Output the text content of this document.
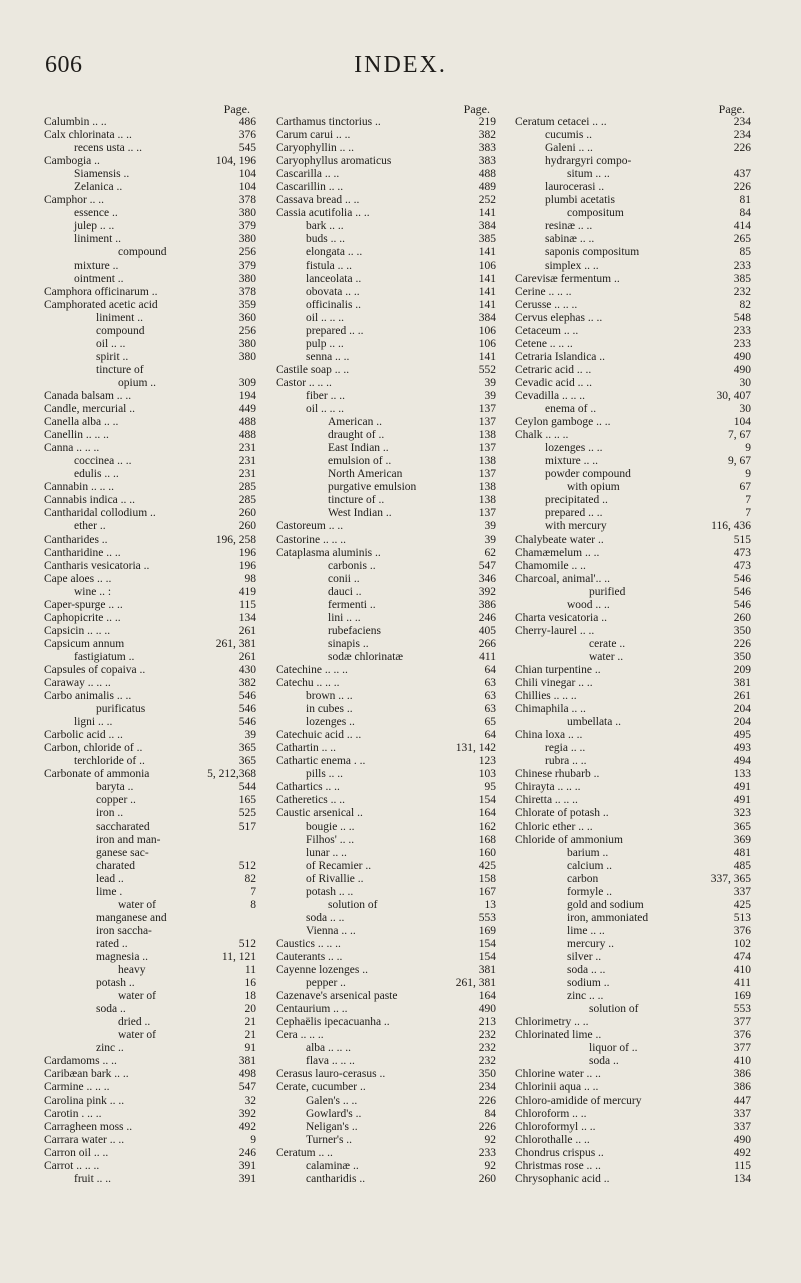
INDEX.
606
Page.
Calumbin .. ..	486
Calx chlorinata .. ..	376
recens usta .. ..	545
Cambogia ..	104, 196
Siamensis ..	104
Zelanica ..	104
Camphor .. ..	378
essence ..	380
julep .. ..	379
liniment ..	380
compound	256
mixture ..	379
ointment ..	380
Camphora officinarum ..	378
Camphorated acetic acid	359
liniment ..	360
compound	256
oil .. ..	380
spirit ..	380
tincture of
opium ..	309
Canada balsam .. ..	194
Candle, mercurial ..	449
Canella alba .. ..	488
Canellin .. .. ..	488
Canna .. .. ..	231
coccinea .. ..	231
edulis .. ..	231
Cannabin .. .. ..	285
Cannabis indica .. ..	285
Cantharidal collodium ..	260
ether ..	260
Cantharides ..	196, 258
Cantharidine .. ..	196
Cantharis vesicatoria ..	196
Cape aloes .. ..	98
wine .. :	419
Caper-spurge .. ..	115
Caphopicrite .. ..	134
Capsicin .. .. ..	261
Capsicum annum	261, 381
fastigiatum ..	261
Capsules of copaiva ..	430
Caraway .. .. ..	382
Carbo animalis .. ..	546
purificatus	546
ligni .. ..	546
Carbolic acid .. ..	39
Carbon, chloride of ..	365
terchloride of ..	365
Carbonate of ammonia	5, 212,368
baryta ..	544
copper ..	165
iron ..	525
saccharated	517
iron and man-
ganese sac-
charated	512
lead ..	82
lime .	7
water of	8
manganese and
iron saccha-
rated ..	512
magnesia ..	11, 121
heavy	11
potash ..	16
water of	18
soda ..	20
dried ..	21
water of	21
zinc ..	91
Cardamoms .. ..	381
Caribæan bark .. ..	498
Carmine .. .. ..	547
Carolina pink .. ..	32
Carotin . .. ..	392
Carragheen moss ..	492
Carrara water .. ..	9
Carron oil .. ..	246
Carrot .. .. ..	391
fruit .. ..	391
Page.
Carthamus tinctorius ..	219
Carum carui .. ..	382
Caryophyllin .. ..	383
Caryophyllus aromaticus	383
Cascarilla .. ..	488
Cascarillin .. ..	489
Cassava bread .. ..	252
Cassia acutifolia .. ..	141
bark .. ..	384
buds .. ..	385
elongata .. ..	141
fistula .. ..	106
lanceolata ..	141
obovata .. ..	141
officinalis ..	141
oil .. .. ..	384
prepared .. ..	106
pulp .. ..	106
senna .. ..	141
Castile soap .. ..	552
Castor .. .. ..	39
fiber .. ..	39
oil .. .. ..	137
American ..	137
draught of ..	138
East Indian ..	137
emulsion of ..	138
North American	137
purgative emulsion	138
tincture of ..	138
West Indian ..	137
Castoreum .. ..	39
Castorine .. .. ..	39
Cataplasma aluminis ..	62
carbonis ..	547
conii ..	346
dauci ..	392
fermenti ..	386
lini .. ..	246
rubefaciens	405
sinapis ..	266
sodæ chlorinatæ	411
Catechine .. .. ..	64
Catechu .. .. ..	63
brown .. ..	63
in cubes ..	63
lozenges ..	65
Catechuic acid .. ..	64
Cathartin .. ..	131, 142
Cathartic enema . ..	123
pills .. ..	103
Cathartics .. ..	95
Catheretics .. ..	154
Caustic arsenical ..	164
bougie .. ..	162
Filhos' .. ..	168
lunar .. ..	160
of Recamier ..	425
of Rivallie ..	158
potash .. ..	167
solution of	13
soda .. ..	553
Vienna .. ..	169
Caustics .. .. ..	154
Cauterants .. ..	154
Cayenne lozenges ..	381
pepper ..	261, 381
Cazenave's arsenical paste	164
Centaurium .. ..	490
Cephaëlis ipecacuanha ..	213
Cera .. .. ..	232
alba .. .. ..	232
flava .. .. ..	232
Cerasus lauro-cerasus ..	350
Cerate, cucumber ..	234
Galen's .. ..	226
Gowlard's ..	84
Neligan's ..	226
Turner's ..	92
Ceratum .. ..	233
calaminæ ..	92
cantharidis ..	260
Page.
Ceratum cetacei .. ..	234
cucumis ..	234
Galeni .. ..	226
hydrargyri compo-
situm .. ..	437
laurocerasi ..	226
plumbi acetatis	81
compositum	84
resinæ .. ..	414
sabinæ .. ..	265
saponis compositum	85
simplex .. ..	233
Carevisæ fermentum ..	385
Cerine .. .. ..	232
Cerusse .. .. ..	82
Cervus elephas .. ..	548
Cetaceum .. ..	233
Cetene .. .. ..	233
Cetraria Islandica ..	490
Cetraric acid .. ..	490
Cevadic acid .. ..	30
Cevadilla .. .. ..	30, 407
enema of ..	30
Ceylon gamboge .. ..	104
Chalk .. .. ..	7, 67
lozenges .. ..	9
mixture .. ..	9, 67
powder compound	9
with opium	67
precipitated ..	7
prepared .. ..	7
with mercury	116, 436
Chalybeate water ..	515
Chamæmelum .. ..	473
Chamomile .. ..	473
Charcoal, animal'.. ..	546
purified	546
wood .. ..	546
Charta vesicatoria ..	260
Cherry-laurel .. ..	350
cerate ..	226
water ..	350
Chian turpentine ..	209
Chili vinegar .. ..	381
Chillies .. .. ..	261
Chimaphila .. ..	204
umbellata ..	204
China loxa .. ..	495
regia .. ..	493
rubra .. ..	494
Chinese rhubarb ..	133
Chirayta .. .. ..	491
Chiretta .. .. ..	491
Chlorate of potash ..	323
Chloric ether .. ..	365
Chloride of ammonium	369
barium ..	481
calcium ..	485
carbon	337, 365
formyle ..	337
gold and sodium	425
iron, ammoniated	513
lime .. ..	376
mercury ..	102
silver ..	474
soda .. ..	410
sodium ..	411
zinc .. ..	169
solution of	553
Chlorimetry .. ..	377
Chlorinated lime ..	376
liquor of ..	377
soda ..	410
Chlorine water .. ..	386
Chlorinii aqua .. ..	386
Chloro-amidide of mercury	447
Chloroform .. ..	337
Chloroformyl .. ..	337
Chlorothalle .. ..	490
Chondrus crispus ..	492
Christmas rose .. ..	115
Chrysophanic acid ..	134
